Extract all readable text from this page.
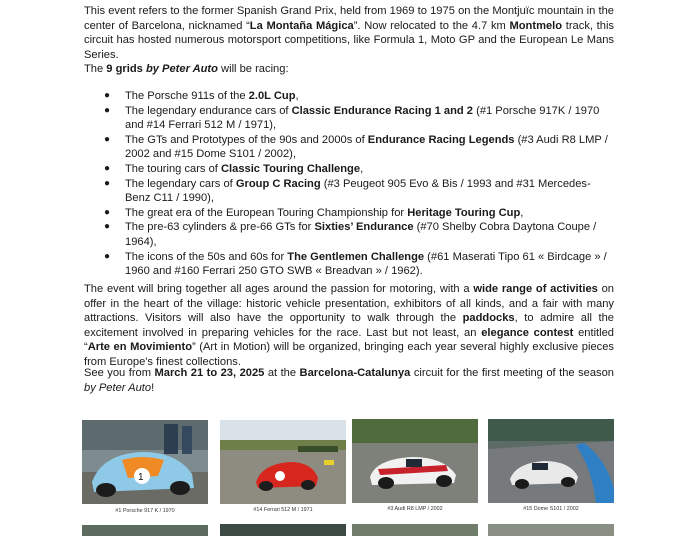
This event refers to the former Spanish Grand Prix, held from 1969 to 1975 on the Montjuïc mountain in the center of Barcelona, nicknamed “La Montaña Mágica”. Now relocated to the 4.7 km Montmelo track, this circuit has hosted numerous motorsport competitions, like Formula 1, Moto GP and the European Le Mans Series.

The 9 grids by Peter Auto will be racing:

● The Porsche 911s of the 2.0L Cup,
● The legendary endurance cars of Classic Endurance Racing 1 and 2 (#1 Porsche 917K / 1970 and #14 Ferrari 512 M / 1971),
● The GTs and Prototypes of the 90s and 2000s of Endurance Racing Legends (#3 Audi R8 LMP / 2002 and #15 Dome S101 / 2002),
● The touring cars of Classic Touring Challenge,
● The legendary cars of Group C Racing (#3 Peugeot 905 Evo & Bis / 1993 and #31 Mercedes-Benz C11 / 1990),
● The great era of the European Touring Championship for Heritage Touring Cup,
● The pre-63 cylinders & pre-66 GTs for Sixties’ Endurance (#70 Shelby Cobra Daytona Coupe / 1964),
● The icons of the 50s and 60s for The Gentlemen Challenge (#61 Maserati Tipo 61 « Birdcage » / 1960 and #160 Ferrari 250 GTO SWB « Breadvan » / 1962).

The event will bring together all ages around the passion for motoring, with a wide range of activities on offer in the heart of the village: historic vehicle presentation, exhibitors of all kinds, and a fair with many attractions. Visitors will also have the opportunity to walk through the paddocks, to admire all the excitement involved in preparing vehicles for the race. Last but not least, an elegance contest entitled “Arte en Movimiento” (Art in Motion) will be organized, bringing each year several highly exclusive pieces from Europe's finest collections.

See you from March 21 to 23, 2025 at the Barcelona-Catalunya circuit for the first meeting of the season by Peter Auto!

1
#1 Porsche 917 K / 1970	#14 Ferrari 512 M / 1971	#3 Audi R8 LMP / 2002	#15 Dome S101 / 2002
